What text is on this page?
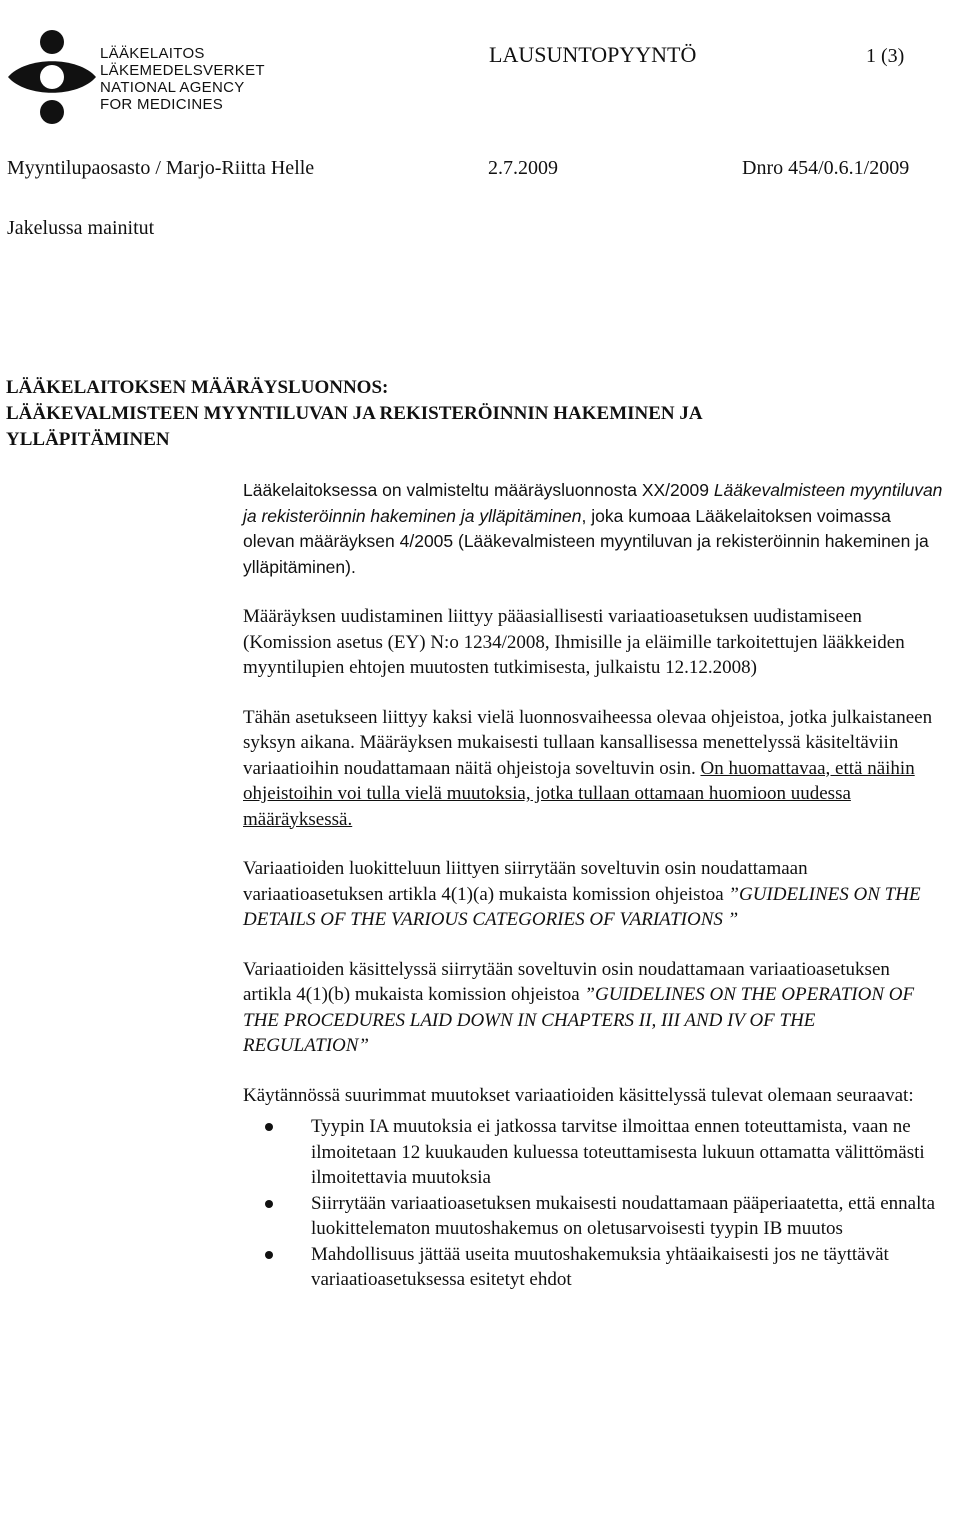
LÄÄKELAITOS
LÄKEMEDELSVERKET
NATIONAL AGENCY
FOR MEDICINES
LAUSUNTOPYYNTÖ	1 (3)
Myyntilupaosasto / Marjo-Riitta Helle	2.7.2009	Dnro 454/0.6.1/2009
Jakelussa mainitut
LÄÄKELAITOKSEN MÄÄRÄYSLUONNOS:
LÄÄKEVALMISTEEN MYYNTILUVAN JA REKISTERÖINNIN HAKEMINEN JA
YLLÄPITÄMINEN

Lääkelaitoksessa on valmisteltu määräysluonnosta XX/2009 Lääkevalmisteen myyntiluvan ja rekisteröinnin hakeminen ja ylläpitäminen, joka kumoaa Lääkelaitoksen voimassa olevan määräyksen 4/2005 (Lääkevalmisteen myyntiluvan ja rekisteröinnin hakeminen ja ylläpitäminen).

Määräyksen uudistaminen liittyy pääasiallisesti variaatioasetuksen uudistamiseen (Komission asetus (EY) N:o 1234/2008, Ihmisille ja eläimille tarkoitettujen lääkkeiden myyntilupien ehtojen muutosten tutkimisesta, julkaistu 12.12.2008)

Tähän asetukseen liittyy kaksi vielä luonnosvaiheessa olevaa ohjeistoa, jotka julkaistaneen syksyn aikana. Määräyksen mukaisesti tullaan kansallisessa menettelyssä käsiteltäviin variaatioihin noudattamaan näitä ohjeistoja soveltuvin osin. On huomattavaa, että näihin ohjeistoihin voi tulla vielä muutoksia, jotka tullaan ottamaan huomioon uudessa määräyksessä.

Variaatioiden luokitteluun liittyen siirrytään soveltuvin osin noudattamaan variaatioasetuksen artikla 4(1)(a) mukaista komission ohjeistoa ”GUIDELINES ON THE DETAILS OF THE VARIOUS CATEGORIES OF VARIATIONS ”

Variaatioiden käsittelyssä siirrytään soveltuvin osin noudattamaan variaatioasetuksen artikla 4(1)(b) mukaista komission ohjeistoa ”GUIDELINES ON THE OPERATION OF THE PROCEDURES LAID DOWN IN CHAPTERS II, III AND IV OF THE REGULATION”

Käytännössä suurimmat muutokset variaatioiden käsittelyssä tulevat olemaan seuraavat:

Tyypin IA muutoksia ei jatkossa tarvitse ilmoittaa ennen toteuttamista, vaan ne ilmoitetaan 12 kuukauden kuluessa toteuttamisesta lukuun ottamatta välittömästi ilmoitettavia muutoksia
Siirrytään variaatioasetuksen mukaisesti noudattamaan pääperiaatetta, että ennalta luokittelematon muutoshakemus on oletusarvoisesti tyypin IB muutos
Mahdollisuus jättää useita muutoshakemuksia yhtäaikaisesti jos ne täyttävät variaatioasetuksessa esitetyt ehdot
